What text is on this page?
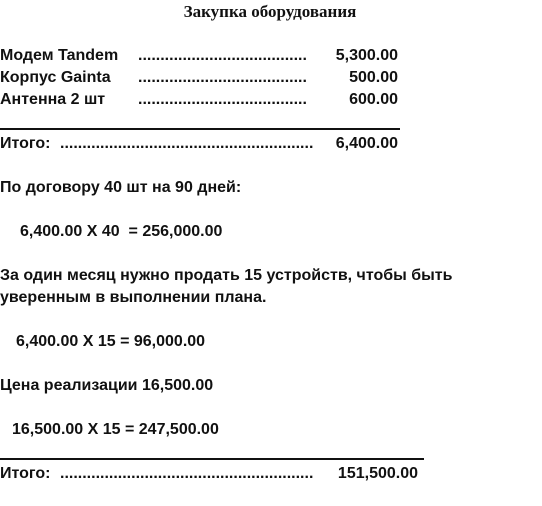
Закупка оборудования
Модем Tandem ......................................	5,300.00
Корпус Gainta ......................................	500.00
Антенна 2 шт ......................................	600.00
Итого: .........................................................	6,400.00
По договору 40 шт на 90 дней:
6,400.00 Х 40  = 256,000.00
За один месяц нужно продать 15 устройств, чтобы быть
уверенным в выполнении плана.
6,400.00 Х 15 = 96,000.00
Цена реализации 16,500.00
16,500.00 Х 15 = 247,500.00
Итого: .........................................................	151,500.00
